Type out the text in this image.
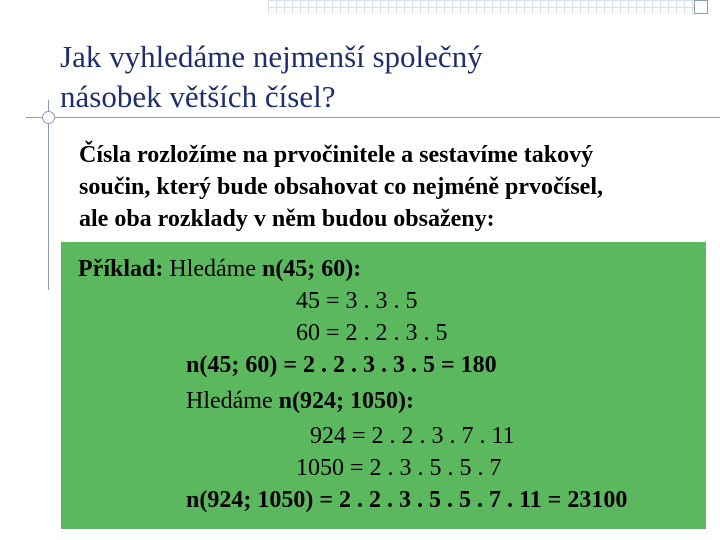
Jak vyhledáme nejmenší společný
násobek větších čísel?
Čísla rozložíme na prvočinitele a sestavíme takový
součin, který bude obsahovat co nejméně prvočísel,
ale oba rozklady v něm budou obsaženy:
Příklad: Hledáme n(45; 60):
45 = 3 . 3 . 5
60 = 2 . 2 . 3 . 5
n(45; 60) = 2 . 2 . 3 . 3 . 5 = 180
Hledáme n(924; 1050):
924 = 2 . 2 . 3 . 7 . 11
1050 = 2 . 3 . 5 . 5 . 7
n(924; 1050) = 2 . 2 . 3 . 5 . 5 . 7 . 11 = 23100
